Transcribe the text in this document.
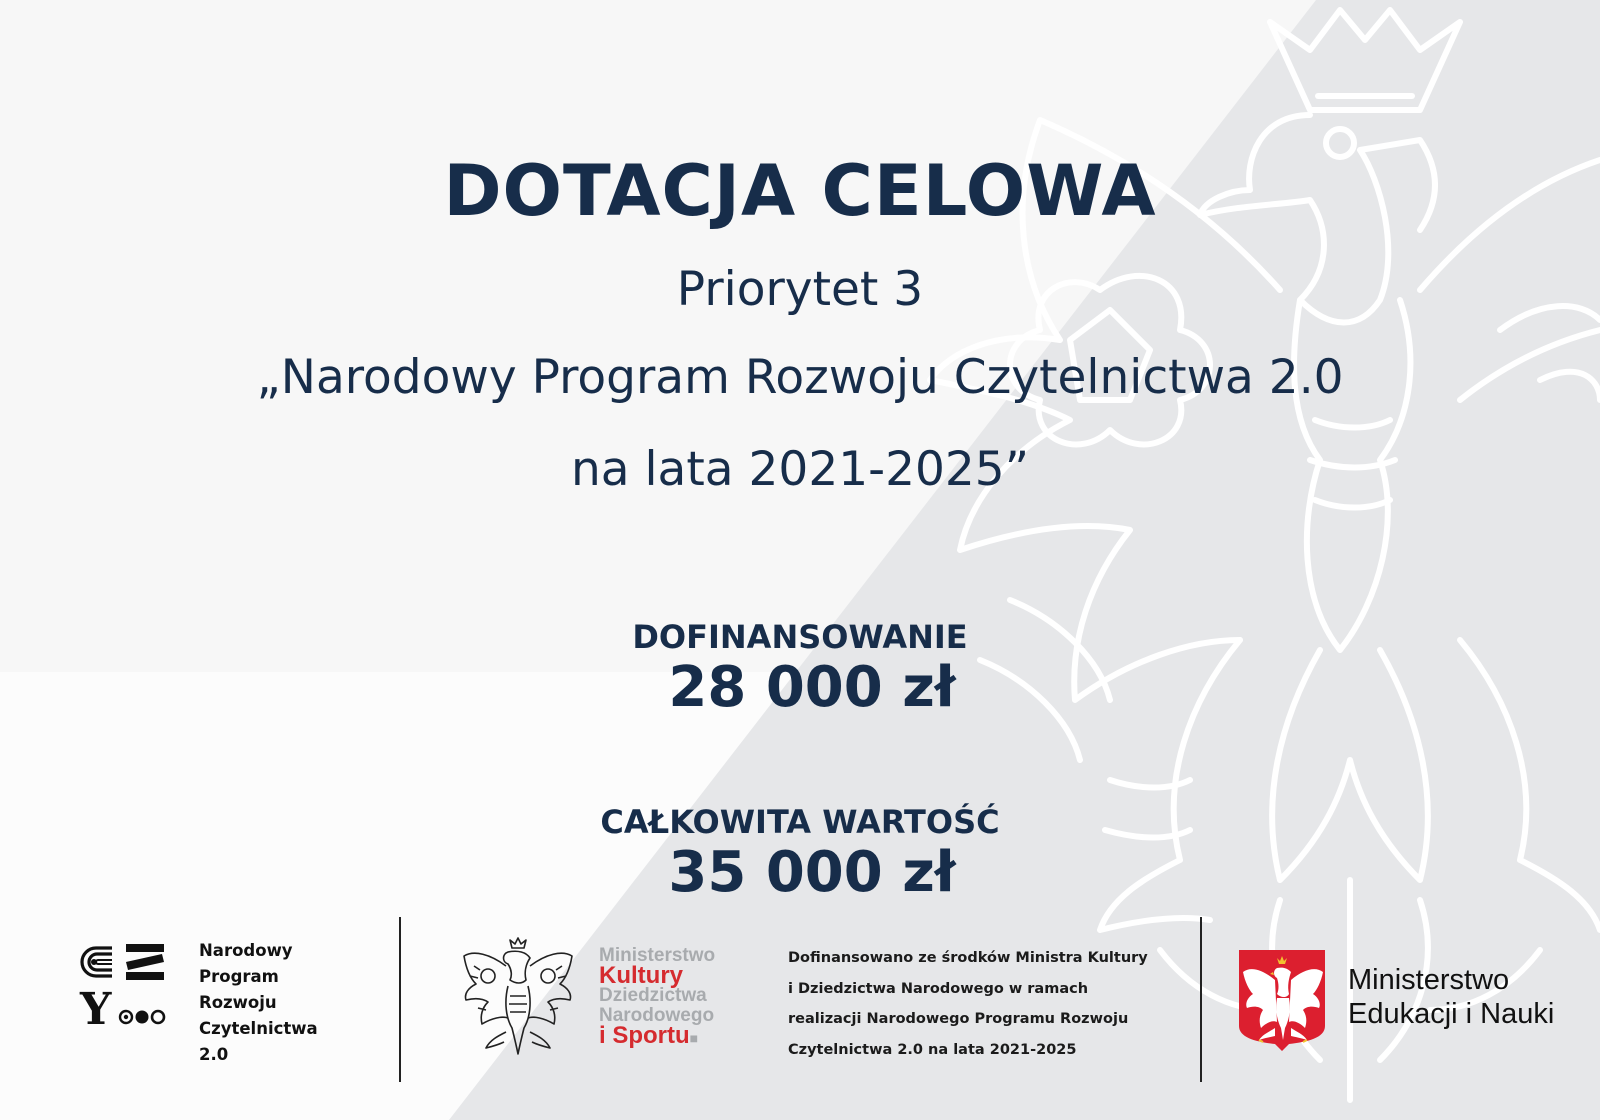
DOTACJA CELOWA
Priorytet 3
„Narodowy Program Rozwoju Czytelnictwa 2.0
na lata 2021-2025”
DOFINANSOWANIE
28 000 zł
CAŁKOWITA WARTOŚĆ
35 000 zł
Y
Narodowy
Program
Rozwoju
Czytelnictwa
2.0
Ministerstwo
Kultury
Dziedzictwa
Narodowego
i Sportu■
Dofinansowano ze środków Ministra Kultury
i Dziedzictwa Narodowego w ramach
realizacji Narodowego Programu Rozwoju
Czytelnictwa 2.0 na lata 2021-2025
Ministerstwo
Edukacji i Nauki
